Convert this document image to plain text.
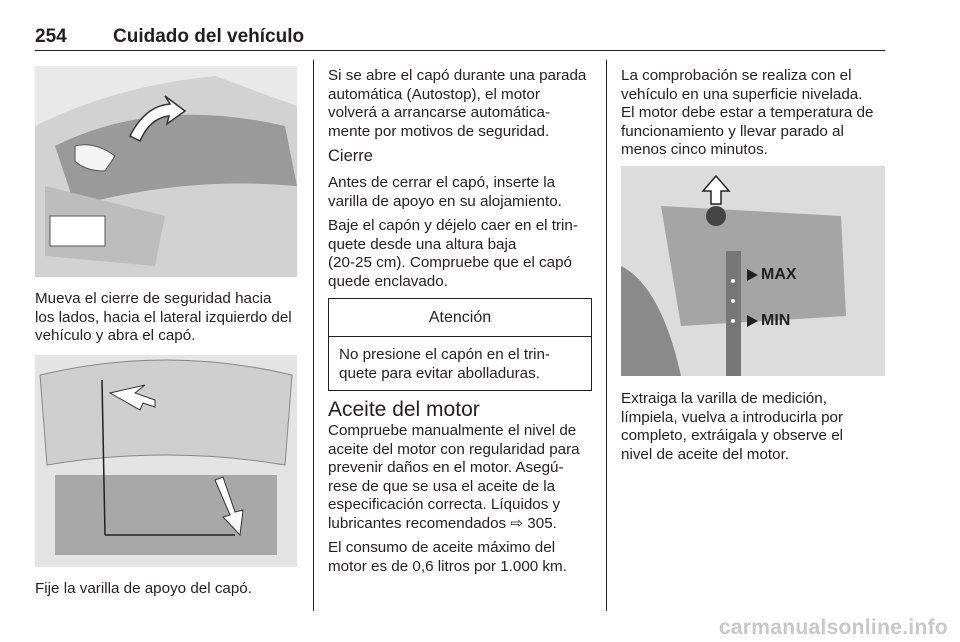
254 Cuidado del vehículo
Mueva el cierre de seguridad hacia
los lados, hacia el lateral izquierdo del
vehículo y abra el capó.
Fije la varilla de apoyo del capó.
Si se abre el capó durante una parada
automática (Autostop), el motor
volverá a arrancarse automática-
mente por motivos de seguridad.
Cierre
Antes de cerrar el capó, inserte la
varilla de apoyo en su alojamiento.
Baje el capón y déjelo caer en el trin-
quete desde una altura baja
(20-25 cm). Compruebe que el capó
quede enclavado.
Atención
No presione el capón en el trin-
quete para evitar abolladuras.
Aceite del motor
Compruebe manualmente el nivel de
aceite del motor con regularidad para
prevenir daños en el motor. Asegú-
rese de que se usa el aceite de la
especificación correcta. Líquidos y
lubricantes recomendados ⇨ 305.
El consumo de aceite máximo del
motor es de 0,6 litros por 1.000 km.
La comprobación se realiza con el
vehículo en una superficie nivelada.
El motor debe estar a temperatura de
funcionamiento y llevar parado al
menos cinco minutos.
MAX
MIN
Extraiga la varilla de medición,
límpiela, vuelva a introducirla por
completo, extráigala y observe el
nivel de aceite del motor.
carmanualsonline.info
